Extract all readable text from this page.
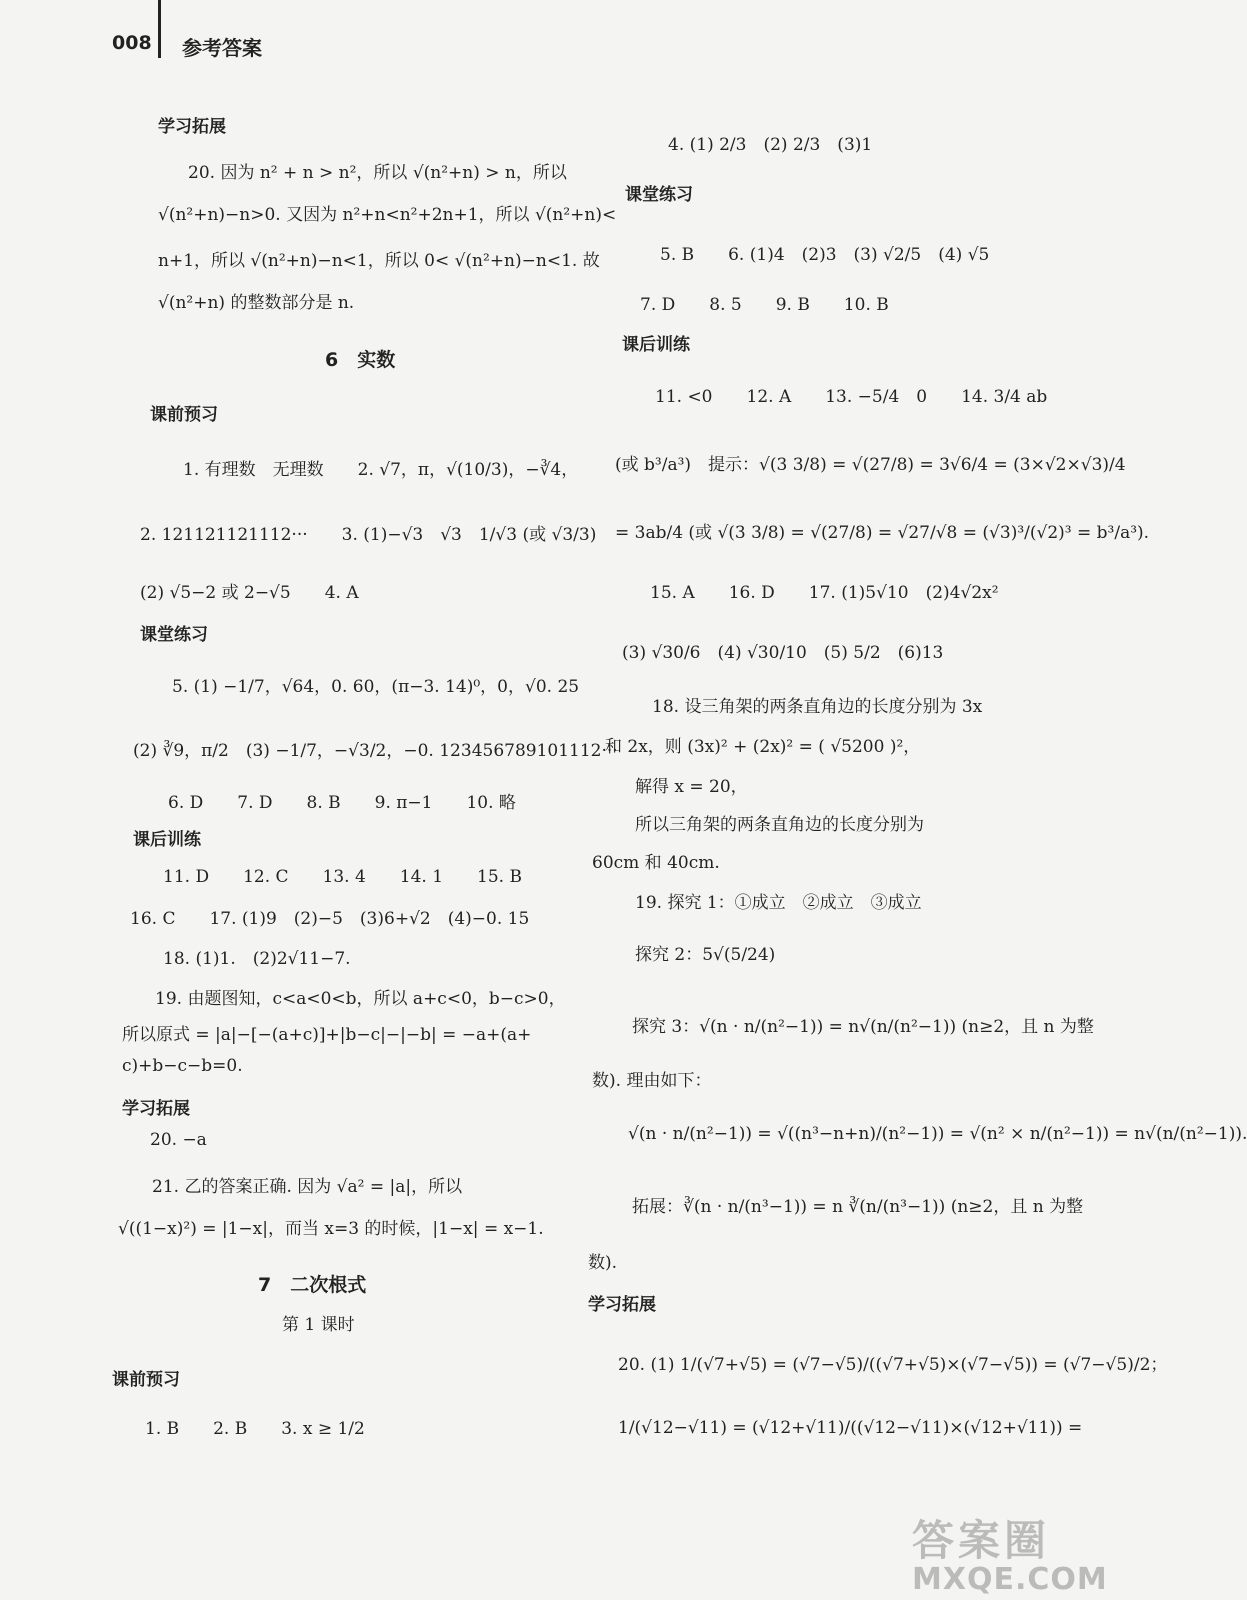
008 参考答案
学习拓展
20. 因为 n² + n > n²，所以 √(n²+n) > n，所以
√(n²+n)−n>0. 又因为 n²+n<n²+2n+1，所以 √(n²+n)<
n+1，所以 √(n²+n)−n<1，所以 0< √(n²+n)−n<1. 故
√(n²+n) 的整数部分是 n.
6　实数
课前预习
1. 有理数　无理数　　2. √7，π，√(10/3)，−∛4，
2. 121121121112···　　3. (1)−√3　√3　1/√3 (或 √3/3)
(2) √5−2 或 2−√5　　4. A
课堂练习
5. (1) −1/7，√64，0. 60，(π−3. 14)⁰，0，√0. 25
(2) ∛9，π/2　(3) −1/7，−√3/2，−0. 123456789101112···
6. D　　7. D　　8. B　　9. π−1　　10. 略
课后训练
11. D　　12. C　　13. 4　　14. 1　　15. B
16. C　　17. (1)9　(2)−5　(3)6+√2　(4)−0. 15
18. (1)1.　(2)2√11−7.
19. 由题图知，c<a<0<b，所以 a+c<0，b−c>0，
所以原式 = |a|−[−(a+c)]+|b−c|−|−b| = −a+(a+
c)+b−c−b=0.
学习拓展
20. −a
21. 乙的答案正确. 因为 √a² = |a|，所以
√((1−x)²) = |1−x|，而当 x=3 的时候，|1−x| = x−1.
7　二次根式
第 1 课时
课前预习
1. B　　2. B　　3. x ≥ 1/2
4. (1) 2/3　(2) 2/3　(3)1
课堂练习
5. B　　6. (1)4　(2)3　(3) √2/5　(4) √5
7. D　　8. 5　　9. B　　10. B
课后训练
11. <0　　12. A　　13. −5/4　0　　14. 3/4 ab
(或 b³/a³)　提示：√(3 3/8) = √(27/8) = 3√6/4 = (3×√2×√3)/4
= 3ab/4 (或 √(3 3/8) = √(27/8) = √27/√8 = (√3)³/(√2)³ = b³/a³).
15. A　　16. D　　17. (1)5√10　(2)4√2x²
(3) √30/6　(4) √30/10　(5) 5/2　(6)13
18. 设三角架的两条直角边的长度分别为 3x
和 2x，则 (3x)² + (2x)² = ( √5200 )²，
解得 x = 20，
所以三角架的两条直角边的长度分别为
60cm 和 40cm.
19. 探究 1：①成立　②成立　③成立
探究 2：5√(5/24)
探究 3：√(n · n/(n²−1)) = n√(n/(n²−1)) (n≥2，且 n 为整
数). 理由如下：
√(n · n/(n²−1)) = √((n³−n+n)/(n²−1)) = √(n² × n/(n²−1)) = n√(n/(n²−1)).
拓展：∛(n · n/(n³−1)) = n ∛(n/(n³−1)) (n≥2，且 n 为整
数).
学习拓展
20. (1) 1/(√7+√5) = (√7−√5)/((√7+√5)×(√7−√5)) = (√7−√5)/2；
1/(√12−√11) = (√12+√11)/((√12−√11)×(√12+√11)) =
答案圈
MXQE.COM
